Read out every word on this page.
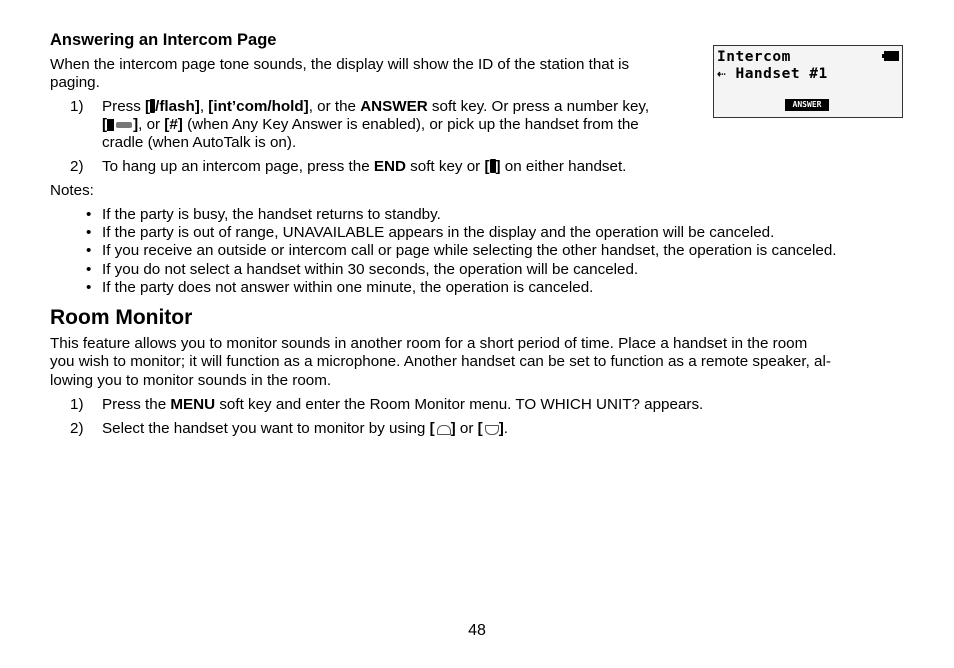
Answering an Intercom Page
When the intercom page tone sounds, the display will show the ID of the station that is
paging.
1) Press [ /flash], [int’com/hold], or the ANSWER soft key. Or press a number key,
[ ], or [#] (when Any Key Answer is enabled), or pick up the handset from the
cradle (when AutoTalk is on).
2) To hang up an intercom page, press the END soft key or [ ] on either handset.
Notes:
• If the party is busy, the handset returns to standby.
• If the party is out of range, UNAVAILABLE appears in the display and the operation will be canceled.
• If you receive an outside or intercom call or page while selecting the other handset, the operation is canceled.
• If you do not select a handset within 30 seconds, the operation will be canceled.
• If the party does not answer within one minute, the operation is canceled.
Intercom
⇠ Handset #1
ANSWER
Room Monitor
This feature allows you to monitor sounds in another room for a short period of time. Place a handset in the room
you wish to monitor; it will function as a microphone. Another handset can be set to function as a remote speaker, al-
lowing you to monitor sounds in the room.
1) Press the MENU soft key and enter the Room Monitor menu. TO WHICH UNIT? appears.
2) Select the handset you want to monitor by using [ ] or [ ].
48
